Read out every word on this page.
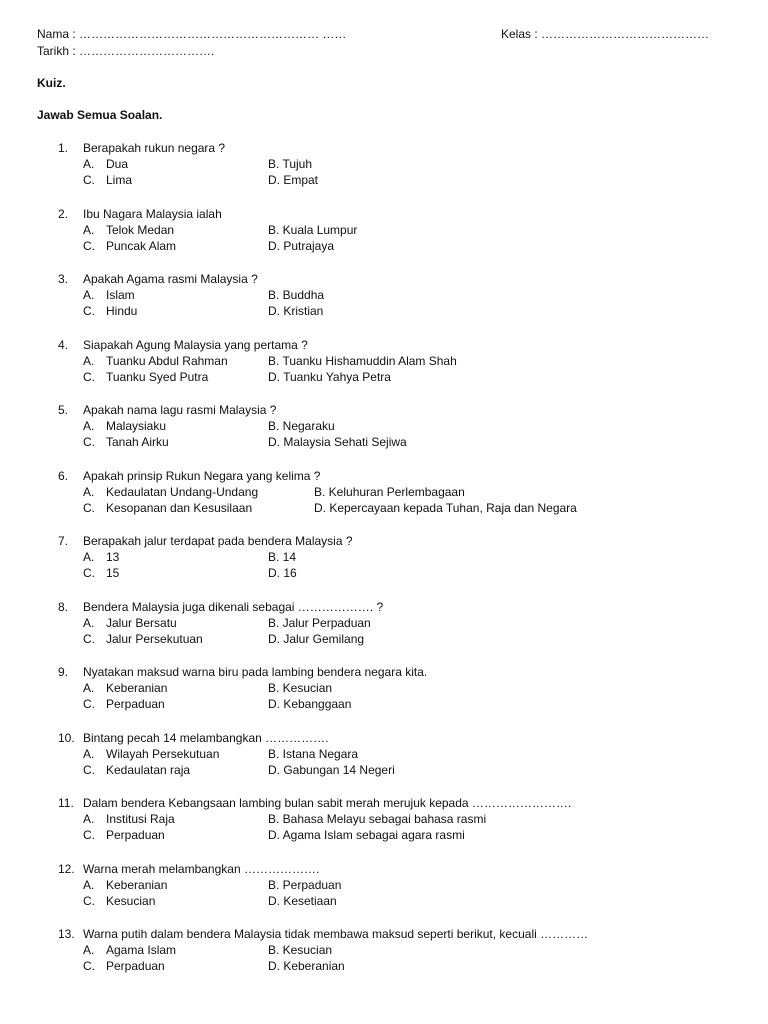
Nama : …………………………………………………… ……	Kelas : ……………………………………
Tarikh : …………………………….
Kuiz.
Jawab Semua Soalan.
1.	Berapakah rukun negara ?
A. Dua	B. Tujuh
C. Lima	D. Empat
2.	Ibu Nagara Malaysia ialah
A. Telok Medan	B. Kuala Lumpur
C. Puncak Alam	D. Putrajaya
3.	Apakah Agama rasmi Malaysia ?
A. Islam	B. Buddha
C. Hindu	D. Kristian
4.	Siapakah Agung Malaysia yang pertama ?
A. Tuanku Abdul Rahman	B. Tuanku Hishamuddin Alam Shah
C. Tuanku Syed Putra	D. Tuanku Yahya Petra
5.	Apakah nama lagu rasmi Malaysia ?
A. Malaysiaku	B. Negaraku
C. Tanah Airku	D. Malaysia Sehati Sejiwa
6.	Apakah prinsip Rukun Negara yang kelima ?
A. Kedaulatan Undang-Undang	B. Keluhuran Perlembagaan
C. Kesopanan dan Kesusilaan	D. Kepercayaan kepada Tuhan, Raja dan Negara
7.	Berapakah jalur terdapat pada bendera Malaysia ?
A. 13	B. 14
C. 15	D. 16
8.	Bendera Malaysia juga dikenali sebagai ………………. ?
A. Jalur Bersatu	B. Jalur Perpaduan
C. Jalur Persekutuan	D. Jalur Gemilang
9.	Nyatakan maksud warna biru pada lambing bendera negara kita.
A. Keberanian	B. Kesucian
C. Perpaduan	D. Kebanggaan
10. Bintang pecah 14 melambangkan …………….
A. Wilayah Persekutuan	B. Istana Negara
C. Kedaulatan raja	D. Gabungan 14 Negeri
11. Dalam bendera Kebangsaan lambing bulan sabit merah merujuk kepada …………………….
A. Institusi Raja	B. Bahasa Melayu sebagai bahasa rasmi
C. Perpaduan	D. Agama Islam sebagai agara rasmi
12. Warna merah melambangkan ……………….
A. Keberanian	B. Perpaduan
C. Kesucian	D. Kesetiaan
13. Warna putih dalam bendera Malaysia tidak membawa maksud seperti berikut, kecuali …………
A. Agama Islam	B. Kesucian
C. Perpaduan	D. Keberanian
